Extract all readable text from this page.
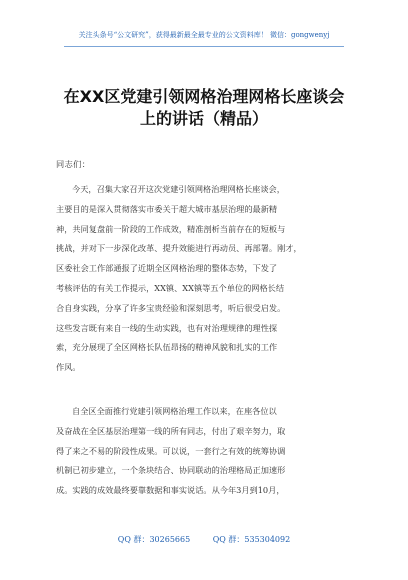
关注头条号“公文研究”，获得最新最全最专业的公文资料库！ 微信：gongwenyj
在XX区党建引领网格治理网格长座谈会
上的讲话（精品）
同志们：
今天，召集大家召开这次党建引领网格治理网格长座谈会，
主要目的是深入贯彻落实市委关于超大城市基层治理的最新精
神，共同复盘前一阶段的工作成效，精准剖析当前存在的短板与
挑战，并对下一步深化改革、提升效能进行再动员、再部署。刚才，
区委社会工作部通报了近期全区网格治理的整体态势，下发了
考核评估的有关工作提示，XX镇、XX镇等五个单位的网格长结
合自身实践，分享了许多宝贵经验和深刻思考，听后很受启发。
这些发言既有来自一线的生动实践，也有对治理规律的理性探
索，充分展现了全区网格长队伍昂扬的精神风貌和扎实的工作
作风。
自全区全面推行党建引领网格治理工作以来，在座各位以
及奋战在全区基层治理第一线的所有同志，付出了艰辛努力，取
得了来之不易的阶段性成果。可以说，一套行之有效的统筹协调
机制已初步建立，一个条块结合、协同联动的治理格局正加速形
成。实践的成效最终要靠数据和事实说话。从今年3月到10月，
QQ 群：30265665	QQ 群：535304092
